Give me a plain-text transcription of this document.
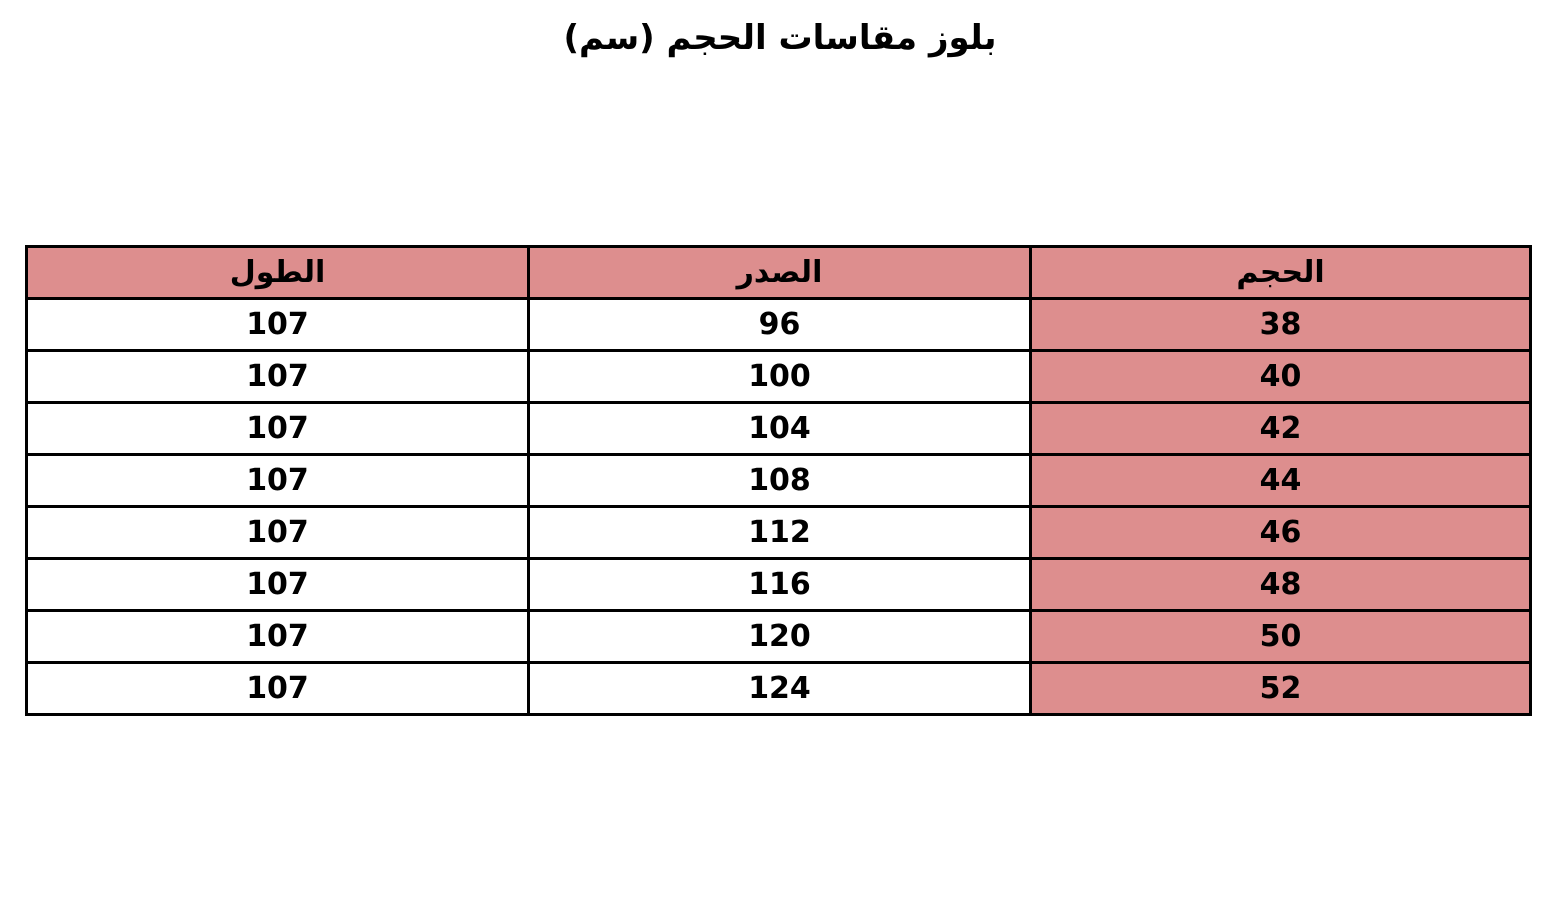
بلوز مقاسات الحجم (سم)
الحجم	الصدر	الطول
38	96	107
40	100	107
42	104	107
44	108	107
46	112	107
48	116	107
50	120	107
52	124	107
